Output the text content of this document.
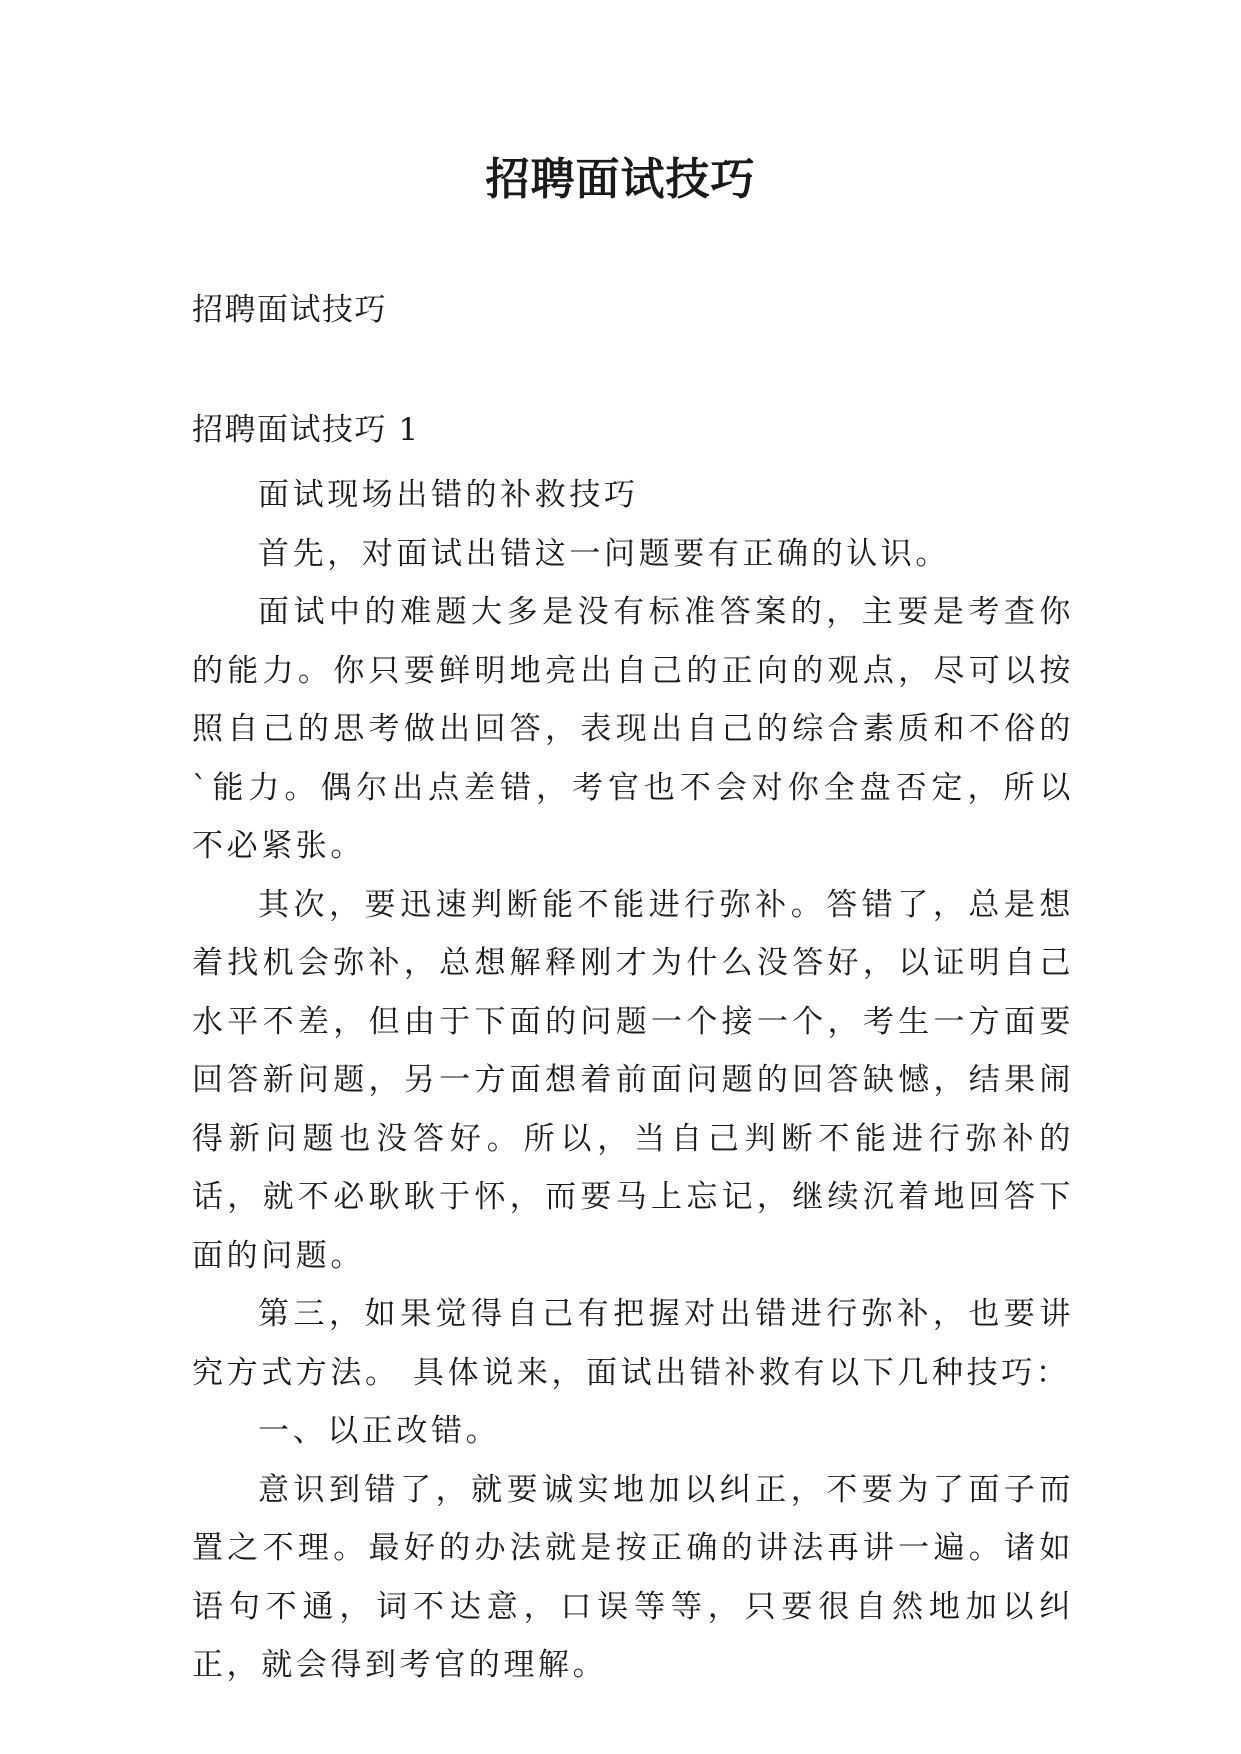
招聘面试技巧

招聘面试技巧

招聘面试技巧 1

面试现场出错的补救技巧

首先，对面试出错这一问题要有正确的认识。

面试中的难题大多是没有标准答案的，主要是考查你的能力。你只要鲜明地亮出自己的正向的观点，尽可以按照自己的思考做出回答，表现出自己的综合素质和不俗的`能力。偶尔出点差错，考官也不会对你全盘否定，所以不必紧张。

其次，要迅速判断能不能进行弥补。答错了，总是想着找机会弥补，总想解释刚才为什么没答好，以证明自己水平不差，但由于下面的问题一个接一个，考生一方面要回答新问题，另一方面想着前面问题的回答缺憾，结果闹得新问题也没答好。所以，当自己判断不能进行弥补的话，就不必耿耿于怀，而要马上忘记，继续沉着地回答下面的问题。

第三，如果觉得自己有把握对出错进行弥补，也要讲究方式方法。 具体说来，面试出错补救有以下几种技巧：

一、以正改错。

意识到错了，就要诚实地加以纠正，不要为了面子而置之不理。最好的办法就是按正确的讲法再讲一遍。诸如语句不通，词不达意，口误等等，只要很自然地加以纠正，就会得到考官的理解。
